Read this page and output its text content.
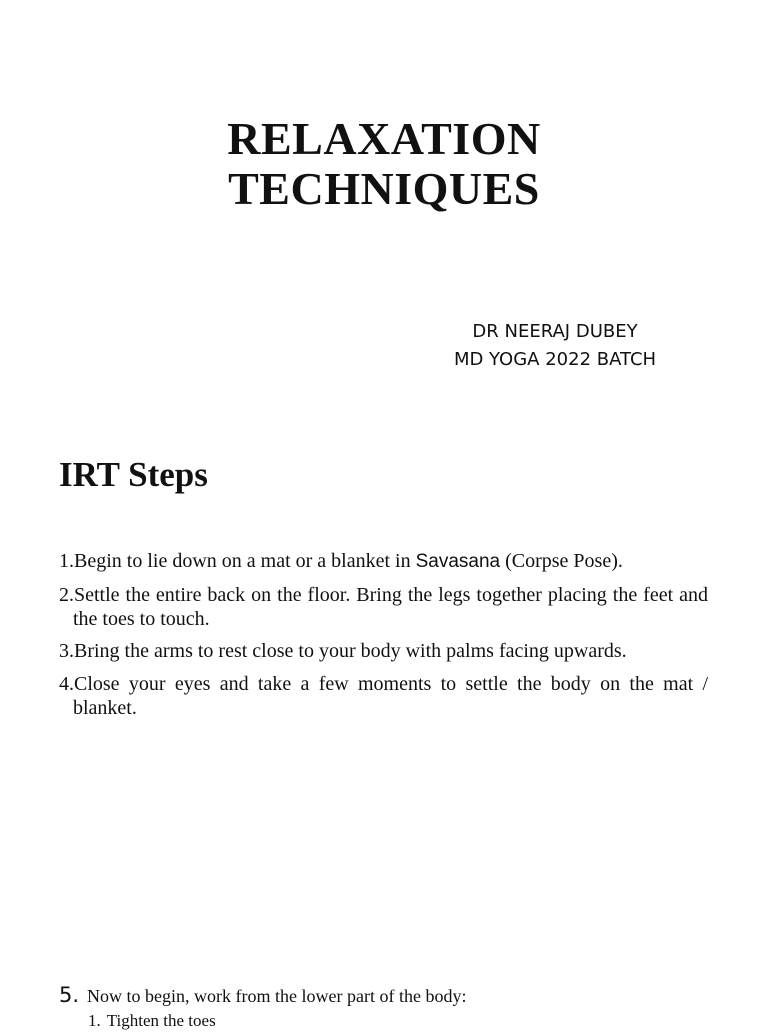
RELAXATION
TECHNIQUES
DR NEERAJ DUBEY
MD YOGA 2022 BATCH
IRT Steps
1.Begin to lie down on a mat or a blanket in Savasana (Corpse Pose).
2.Settle the entire back on the floor. Bring the legs together placing the feet and the toes to touch.
3.Bring the arms to rest close to your body with palms facing upwards.
4.Close your eyes and take a few moments to settle the body on the mat / blanket.
5. Now to begin, work from the lower part of the body:
1. Tighten the toes
